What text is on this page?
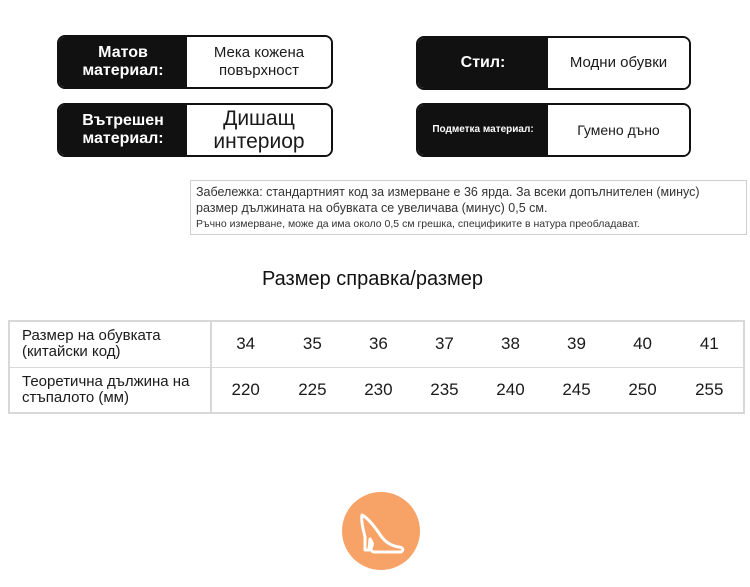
Матов материал:
Мека кожена повърхност
Вътрешен материал:
Дишащ интериор
Стил:	Модни обувки
Подметка материал:	Гумено дъно
Забележка: стандартният код за измерване е 36 ярда. За всеки допълнителен (минус) размер дължината на обувката се увеличава (минус) 0,5 см.
Ръчно измерване, може да има около 0,5 см грешка, спецификите в натура преобладават.
Размер справка/размер
Размер на обувката (китайски код)	34	35	36	37	38	39	40	41
Теоретична дължина на стъпалото (мм)	220	225	230	235	240	245	250	255
